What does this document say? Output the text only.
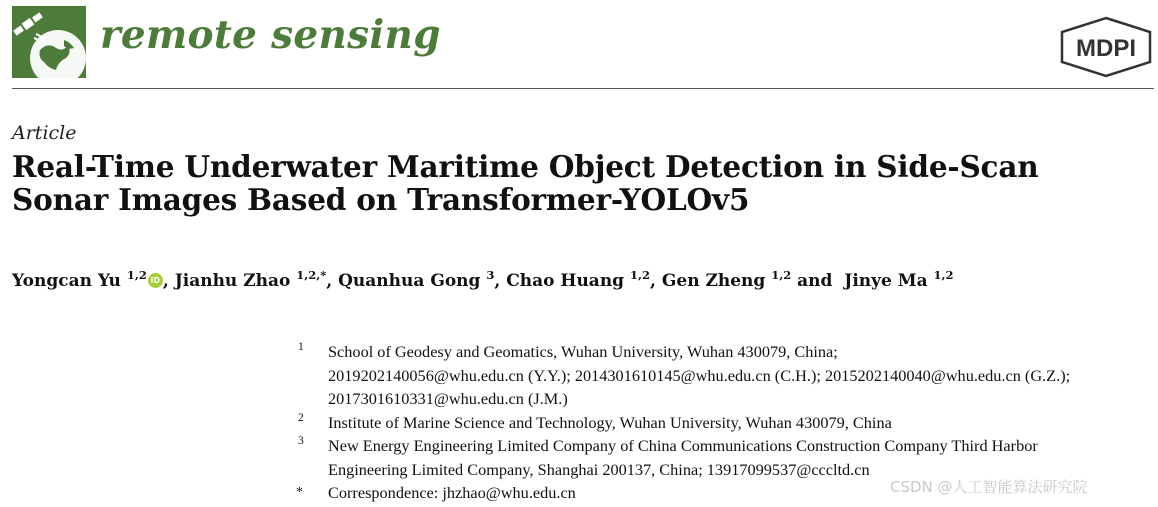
remote sensing	MDPI
Article
Real-Time Underwater Maritime Object Detection in Side-Scan
Sonar Images Based on Transformer-YOLOv5
Yongcan Yu $^{1,2}$ iD , Jianhu Zhao $^{1,2,*}$, Quanhua Gong $^3$, Chao Huang $^{1,2}$, Gen Zheng $^{1,2}$ and  Jinye Ma $^{1,2}$
1 School of Geodesy and Geomatics, Wuhan University, Wuhan 430079, China;
2019202140056@whu.edu.cn (Y.Y.); 2014301610145@whu.edu.cn (C.H.); 2015202140040@whu.edu.cn (G.Z.);
2017301610331@whu.edu.cn (J.M.)
2 Institute of Marine Science and Technology, Wuhan University, Wuhan 430079, China
3 New Energy Engineering Limited Company of China Communications Construction Company Third Harbor
Engineering Limited Company, Shanghai 200137, China; 13917099537@cccltd.cn
* Correspondence: jhzhao@whu.edu.cn	CSDN @人工智能算法研究院
